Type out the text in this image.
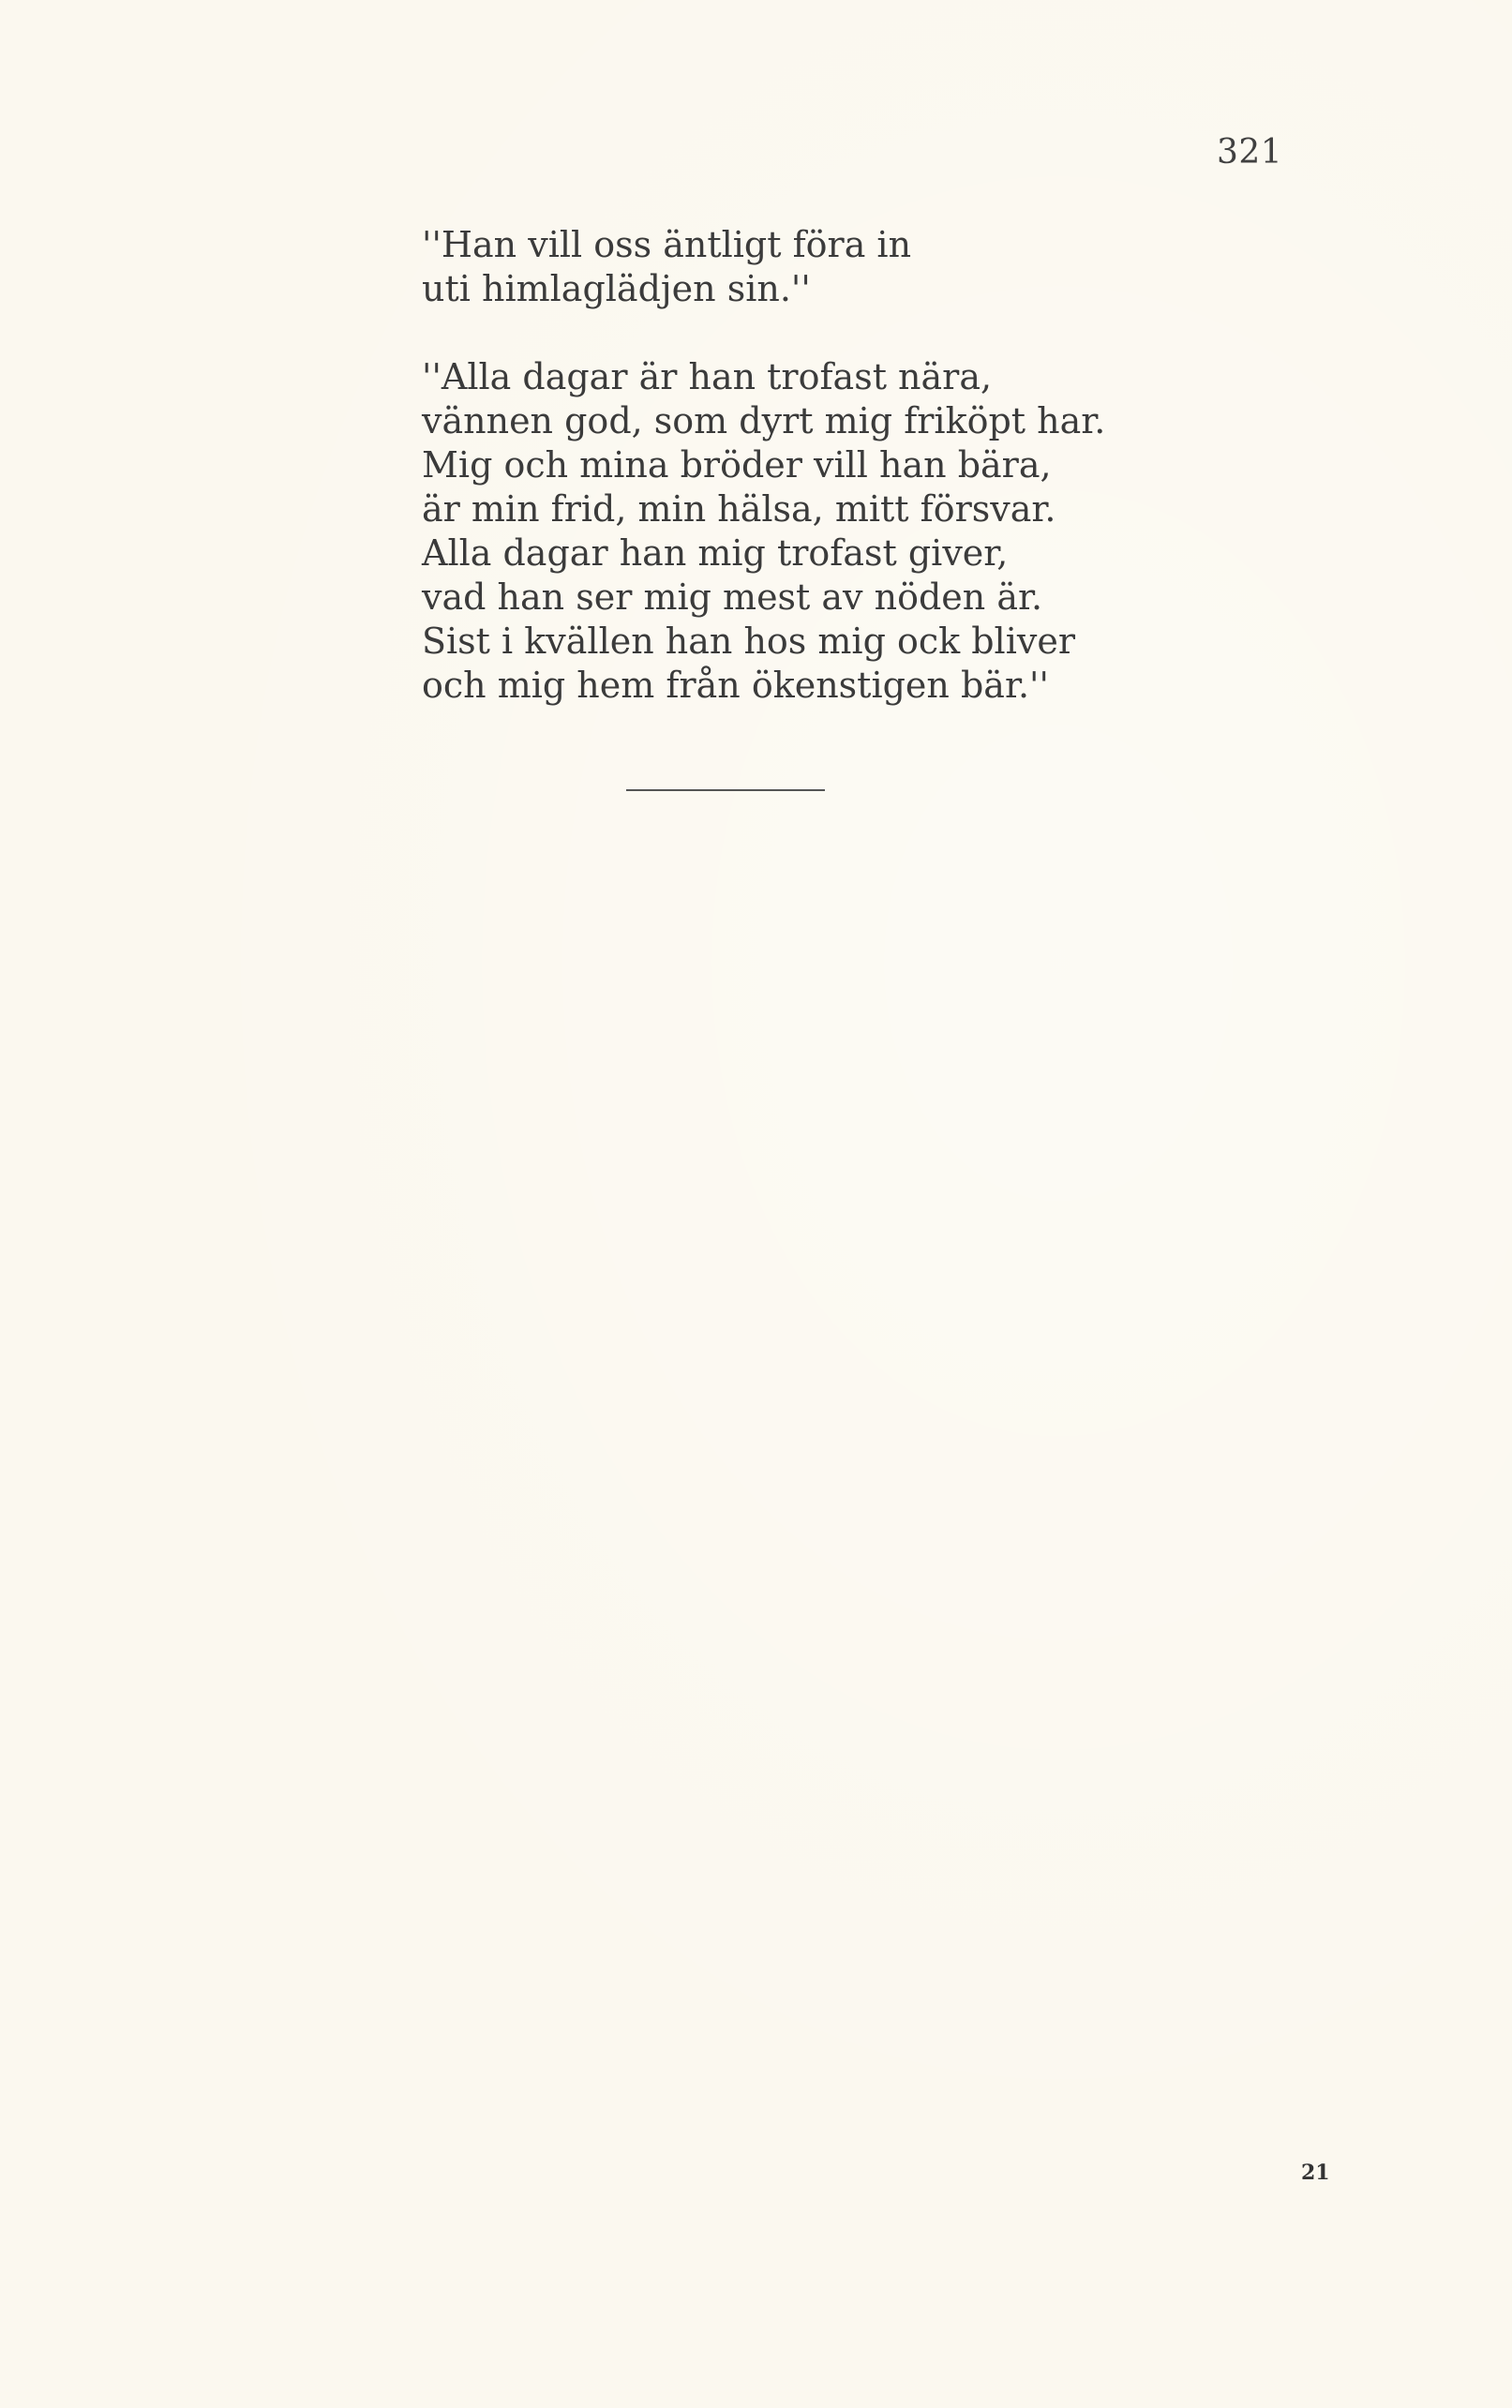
321

''Han vill oss äntligt föra in
uti himlaglädjen sin.''

''Alla dagar är han trofast nära,
vännen god, som dyrt mig friköpt har.
Mig och mina bröder vill han bära,
är min frid, min hälsa, mitt försvar.
Alla dagar han mig trofast giver,
vad han ser mig mest av nöden är.
Sist i kvällen han hos mig ock bliver
och mig hem från ökenstigen bär.''

21
